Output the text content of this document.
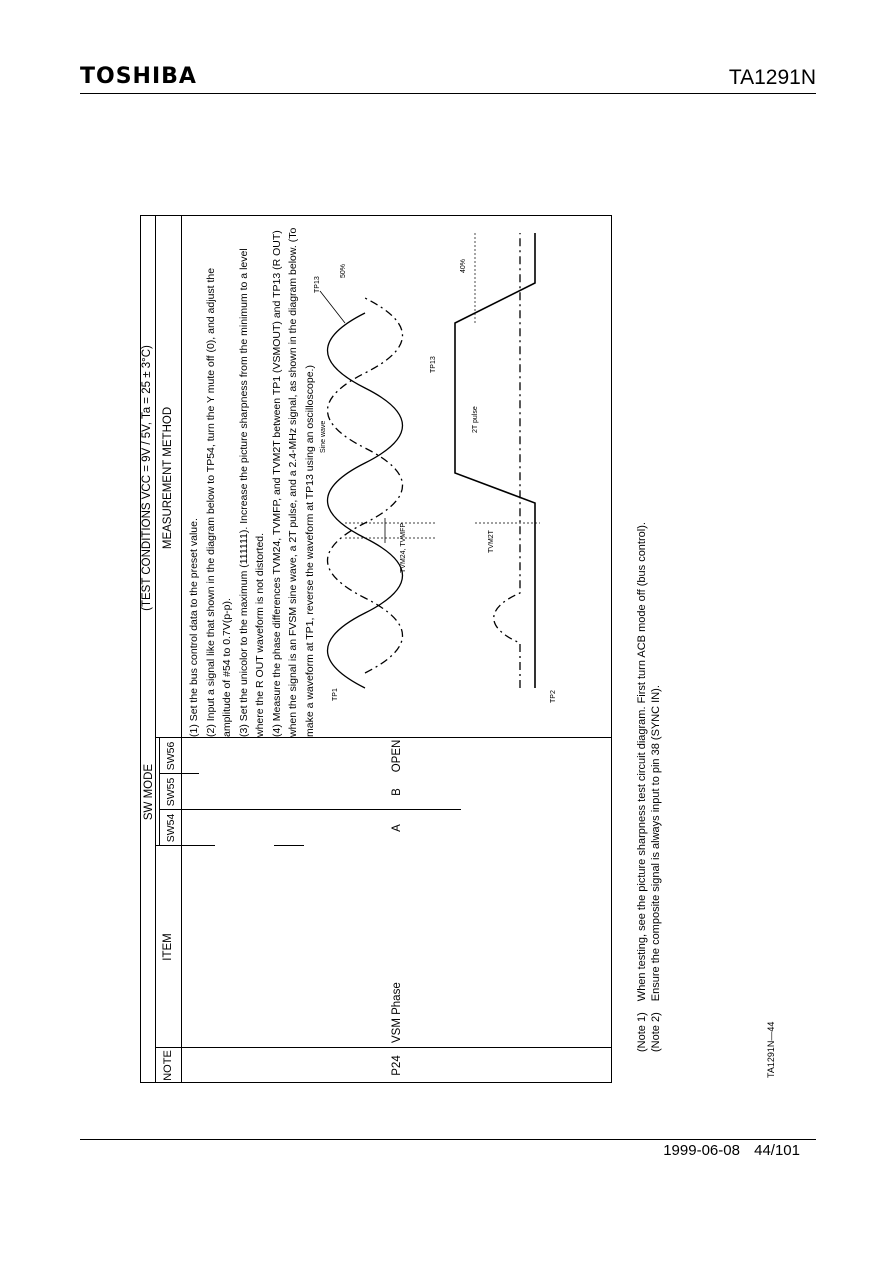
TOSHIBA	TA1291N
(TEST CONDITIONS VCC = 9V / 5V, Ta = 25 ± 3°C)
NOTE
ITEM
SW MODE
SW54
SW55
SW56
MEASUREMENT METHOD
P24
VSM Phase
A
B
OPEN

(1) Set the bus control data to the preset value. (2) Input a signal like that shown in the diagram below to TP54, turn the Y mute off (0), and adjust the amplitude of #54 to 0.7V(p-p). (3) Set the unicolor to the maximum (111111). Increase the picture sharpness from the minimum to a level where the R OUT waveform is not distorted. (4) Measure the phase differences TVM24, TVMFP, and TVM2T between TP1 (VSMOUT) and TP13 (R OUT) when the signal is an FVSM sine wave, a 2T pulse, and a 2.4-MHz signal, as shown in the diagram below. (To make a waveform at TP1, reverse the waveform at TP13 using an oscilloscope.)	TP1
Sine wave
TVM24, TVMFP
TP13
50%
TP2
TVM2T
2T pulse
TP13
40%
(Note 1) When testing, see the picture sharpness test circuit diagram. First turn ACB mode off (bus control).
(Note 2) Ensure the composite signal is always input to pin 38 (SYNC IN).
TA1291N—44
1999-06-08 44/101
